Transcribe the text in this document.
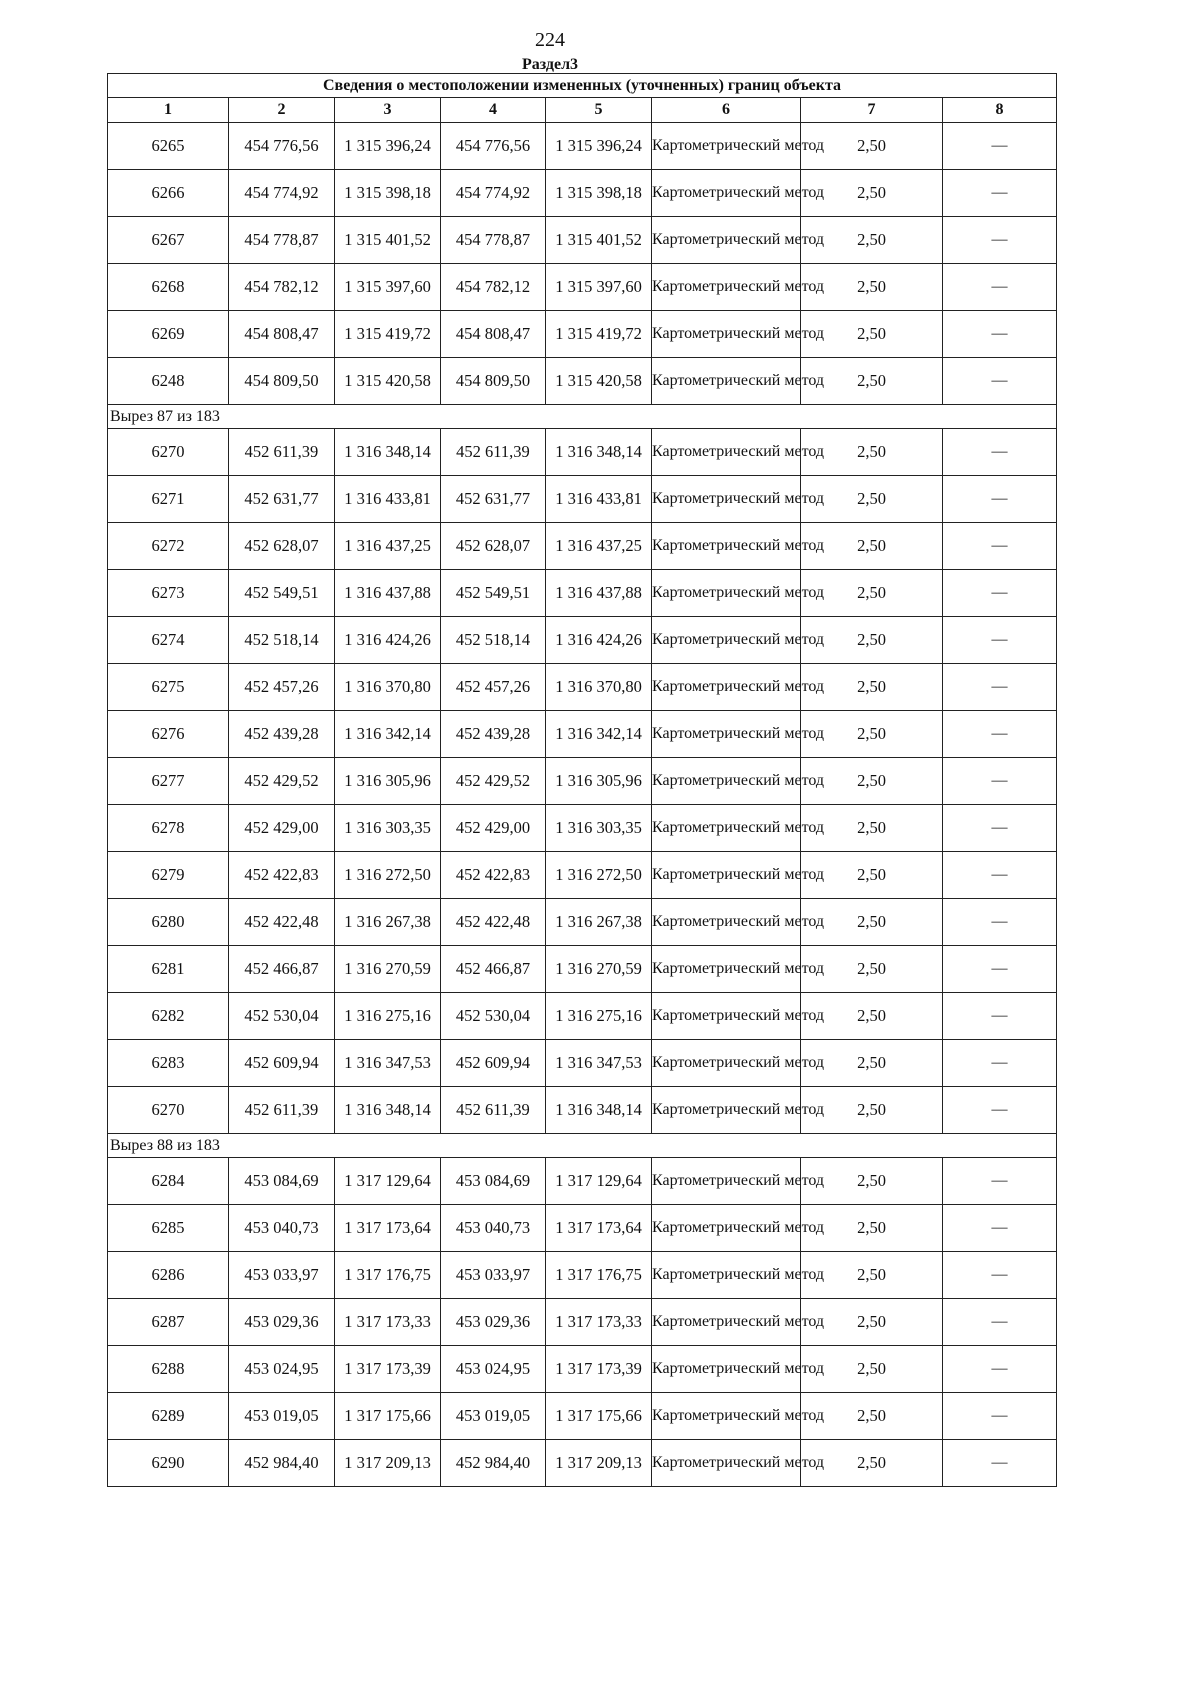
224
Раздел3
Сведения о местоположении измененных (уточненных) границ объекта							
1	2	3	4	5	6	7	8
6265	454 776,56	1 315 396,24	454 776,56	1 315 396,24	Картометрический метод	2,50	—
6266	454 774,92	1 315 398,18	454 774,92	1 315 398,18	Картометрический метод	2,50	—
6267	454 778,87	1 315 401,52	454 778,87	1 315 401,52	Картометрический метод	2,50	—
6268	454 782,12	1 315 397,60	454 782,12	1 315 397,60	Картометрический метод	2,50	—
6269	454 808,47	1 315 419,72	454 808,47	1 315 419,72	Картометрический метод	2,50	—
6248	454 809,50	1 315 420,58	454 809,50	1 315 420,58	Картометрический метод	2,50	—
Вырез 87 из 183							
6270	452 611,39	1 316 348,14	452 611,39	1 316 348,14	Картометрический метод	2,50	—
6271	452 631,77	1 316 433,81	452 631,77	1 316 433,81	Картометрический метод	2,50	—
6272	452 628,07	1 316 437,25	452 628,07	1 316 437,25	Картометрический метод	2,50	—
6273	452 549,51	1 316 437,88	452 549,51	1 316 437,88	Картометрический метод	2,50	—
6274	452 518,14	1 316 424,26	452 518,14	1 316 424,26	Картометрический метод	2,50	—
6275	452 457,26	1 316 370,80	452 457,26	1 316 370,80	Картометрический метод	2,50	—
6276	452 439,28	1 316 342,14	452 439,28	1 316 342,14	Картометрический метод	2,50	—
6277	452 429,52	1 316 305,96	452 429,52	1 316 305,96	Картометрический метод	2,50	—
6278	452 429,00	1 316 303,35	452 429,00	1 316 303,35	Картометрический метод	2,50	—
6279	452 422,83	1 316 272,50	452 422,83	1 316 272,50	Картометрический метод	2,50	—
6280	452 422,48	1 316 267,38	452 422,48	1 316 267,38	Картометрический метод	2,50	—
6281	452 466,87	1 316 270,59	452 466,87	1 316 270,59	Картометрический метод	2,50	—
6282	452 530,04	1 316 275,16	452 530,04	1 316 275,16	Картометрический метод	2,50	—
6283	452 609,94	1 316 347,53	452 609,94	1 316 347,53	Картометрический метод	2,50	—
6270	452 611,39	1 316 348,14	452 611,39	1 316 348,14	Картометрический метод	2,50	—
Вырез 88 из 183							
6284	453 084,69	1 317 129,64	453 084,69	1 317 129,64	Картометрический метод	2,50	—
6285	453 040,73	1 317 173,64	453 040,73	1 317 173,64	Картометрический метод	2,50	—
6286	453 033,97	1 317 176,75	453 033,97	1 317 176,75	Картометрический метод	2,50	—
6287	453 029,36	1 317 173,33	453 029,36	1 317 173,33	Картометрический метод	2,50	—
6288	453 024,95	1 317 173,39	453 024,95	1 317 173,39	Картометрический метод	2,50	—
6289	453 019,05	1 317 175,66	453 019,05	1 317 175,66	Картометрический метод	2,50	—
6290	452 984,40	1 317 209,13	452 984,40	1 317 209,13	Картометрический метод	2,50	—
